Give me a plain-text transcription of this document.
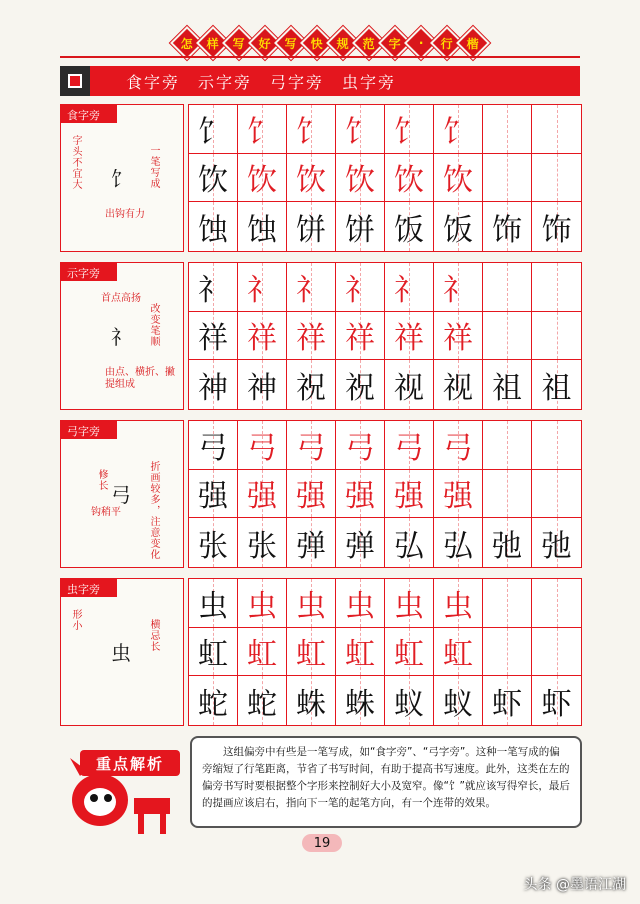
怎 样 写 好 写 快 规 范 字 · 行 楷
食字旁　示字旁　弓字旁　虫字旁
食字旁
饣
字头不宜大	一笔写成
出钩有力
饣 饣 饣 饣 饣 饣
饮 饮 饮 饮 饮 饮
蚀 蚀 饼 饼 饭 饭 饰 饰
示字旁
礻
首点高扬
改变笔顺
由点、横折、撇提组成
礻 礻 礻 礻 礻 礻
祥 祥 祥 祥 祥 祥
神 神 祝 祝 视 视 祖 祖
弓字旁
弓
修长
钩稍平	折画较多，注意变化
弓 弓 弓 弓 弓 弓
强 强 强 强 强 强
张 张 弹 弹 弘 弘 弛 弛
虫字旁
虫
形小	横忌长
虫 虫 虫 虫 虫 虫
虹 虹 虹 虹 虹 虹
蛇 蛇 蛛 蛛 蚁 蚁 虾 虾
重点解析
这组偏旁中有些是一笔写成，如“食字旁”、“弓字旁”。这种一笔写成的偏旁缩短了行笔距离，节省了书写时间，有助于提高书写速度。此外，这类在左的偏旁书写时要根据整个字形来控制好大小及宽窄。像“饣”就应该写得窄长，最后的提画应该启右，指向下一笔的起笔方向，有一个连带的效果。
19
头条 @墨语江湖
